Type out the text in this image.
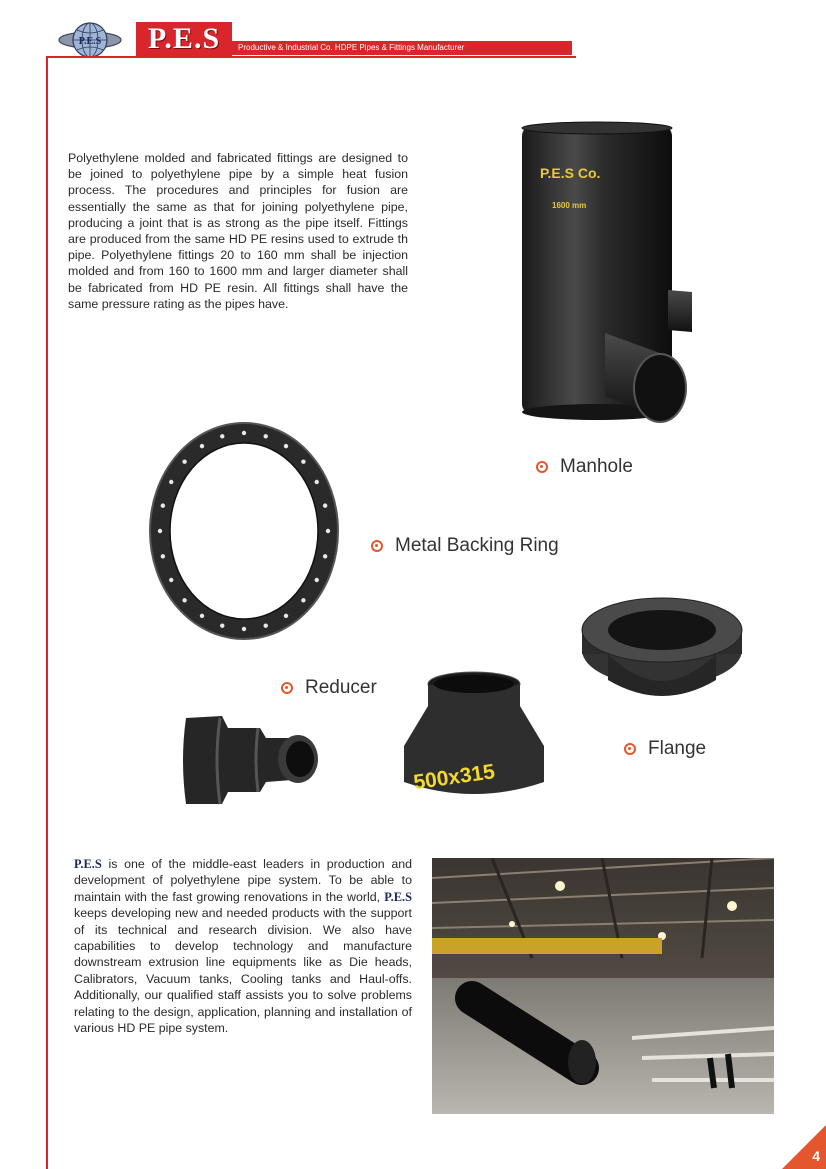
P.E.S	P.E.S	Productive & Industrial Co. HDPE Pipes & Fittings Manufacturer

Polyethylene molded and fabricated fittings are designed to be joined to polyethylene pipe by a simple heat fusion process. The procedures and principles for fusion are essentially the same as that for joining polyethylene pipe, producing a joint that is as strong as the pipe itself. Fittings are produced from the same HD PE resins used to extrude th pipe. Polyethylene fittings 20 to 160 mm shall be injection molded and from 160 to 1600 mm and larger diameter shall be fabricated from HD PE resin. All fittings shall have the same pressure rating as the pipes have.

P.E.S Co.
1600 mm
500x315
Manhole
Metal Backing Ring
Reducer
Flange

P.E.S is one of the middle-east leaders in production and development of polyethylene pipe system. To be able to maintain with the fast growing renovations in the world, P.E.S keeps developing new and needed products with the support of its technical and research division. We also have capabilities to develop technology and manufacture downstream extrusion line equipments like as Die heads, Calibrators, Vacuum tanks, Cooling tanks and Haul-offs. Additionally, our qualified staff assists you to solve problems relating to the design, application, planning and installation of various HD PE pipe system.

4
